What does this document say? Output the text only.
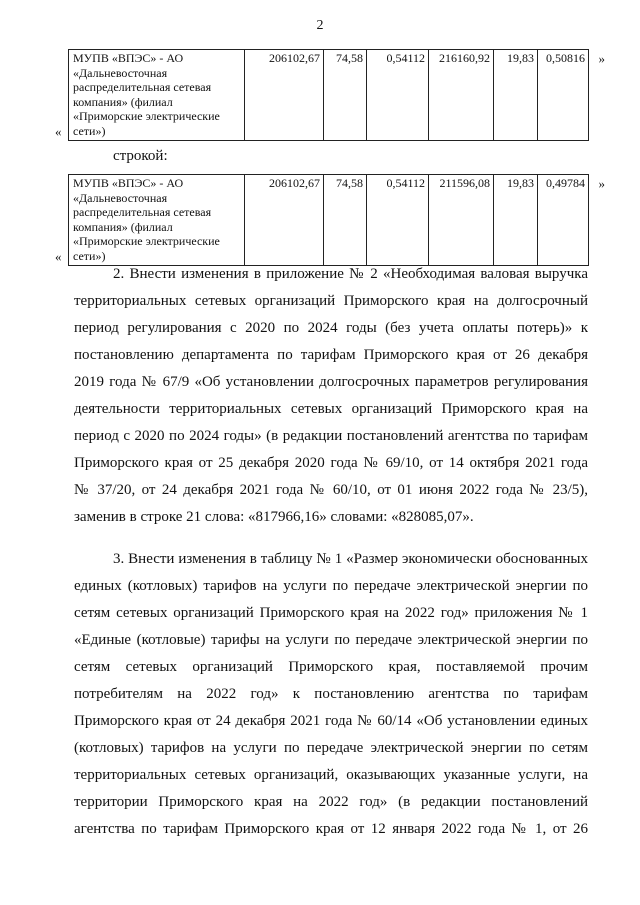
2
«
МУПВ «ВПЭС» - АО «Дальневосточная распределительная сетевая компания» (филиал «Приморские электрические сети»)	206102,67	74,58	0,54112	216160,92	19,83	0,50816 »
строкой:
«
МУПВ «ВПЭС» - АО «Дальневосточная распределительная сетевая компания» (филиал «Приморские электрические сети»)	206102,67	74,58	0,54112	211596,08	19,83	0,49784 »
2. Внести изменения в приложение № 2 «Необходимая валовая выручка
территориальных сетевых организаций Приморского края на долгосрочный
период регулирования с 2020 по 2024 годы (без учета оплаты потерь)» к
постановлению департамента по тарифам Приморского края от 26 декабря
2019 года № 67/9 «Об установлении долгосрочных параметров регулирования
деятельности территориальных сетевых организаций Приморского края на
период с 2020 по 2024 годы» (в редакции постановлений агентства по тарифам
Приморского края от 25 декабря 2020 года № 69/10, от 14 октября 2021 года
№ 37/20, от 24 декабря 2021 года № 60/10, от 01 июня 2022 года № 23/5),
заменив в строке 21 слова: «817966,16» словами: «828085,07».
3. Внести изменения в таблицу № 1 «Размер экономически обоснованных
единых (котловых) тарифов на услуги по передаче электрической энергии по
сетям сетевых организаций Приморского края на 2022 год» приложения № 1
«Единые (котловые) тарифы на услуги по передаче электрической энергии по
сетям сетевых организаций Приморского края, поставляемой прочим
потребителям на 2022 год» к постановлению агентства по тарифам
Приморского края от 24 декабря 2021 года № 60/14 «Об установлении единых
(котловых) тарифов на услуги по передаче электрической энергии по сетям
территориальных сетевых организаций, оказывающих указанные услуги, на
территории Приморского края на 2022 год» (в редакции постановлений
агентства по тарифам Приморского края от 12 января 2022 года № 1, от 26
